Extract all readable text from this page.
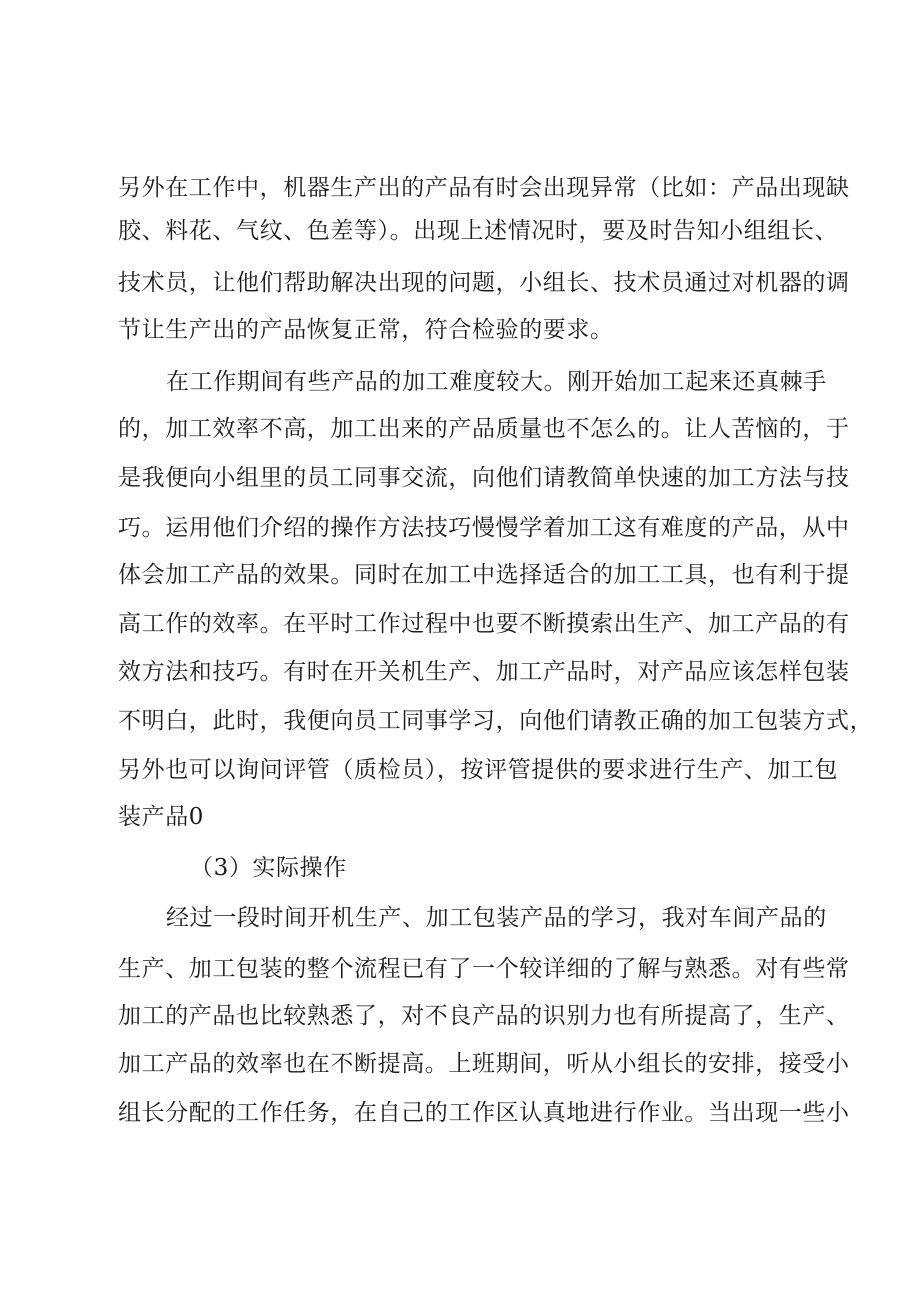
另外在工作中，机器生产出的产品有时会出现异常（比如：产品出现缺
胶、料花、气纹、色差等）。出现上述情况时，要及时告知小组组长、
技术员，让他们帮助解决出现的问题，小组长、技术员通过对机器的调
节让生产出的产品恢复正常，符合检验的要求。
在工作期间有些产品的加工难度较大。刚开始加工起来还真棘手
的，加工效率不高，加工出来的产品质量也不怎么的。让人苦恼的，于
是我便向小组里的员工同事交流，向他们请教简单快速的加工方法与技
巧。运用他们介绍的操作方法技巧慢慢学着加工这有难度的产品，从中
体会加工产品的效果。同时在加工中选择适合的加工工具，也有利于提
高工作的效率。在平时工作过程中也要不断摸索出生产、加工产品的有
效方法和技巧。有时在开关机生产、加工产品时，对产品应该怎样包装
不明白，此时，我便向员工同事学习，向他们请教正确的加工包装方式，
另外也可以询问评管（质检员），按评管提供的要求进行生产、加工包
装产品0
（3）实际操作
经过一段时间开机生产、加工包装产品的学习，我对车间产品的
生产、加工包装的整个流程已有了一个较详细的了解与熟悉。对有些常
加工的产品也比较熟悉了，对不良产品的识别力也有所提高了，生产、
加工产品的效率也在不断提高。上班期间，听从小组长的安排，接受小
组长分配的工作任务，在自己的工作区认真地进行作业。当出现一些小
